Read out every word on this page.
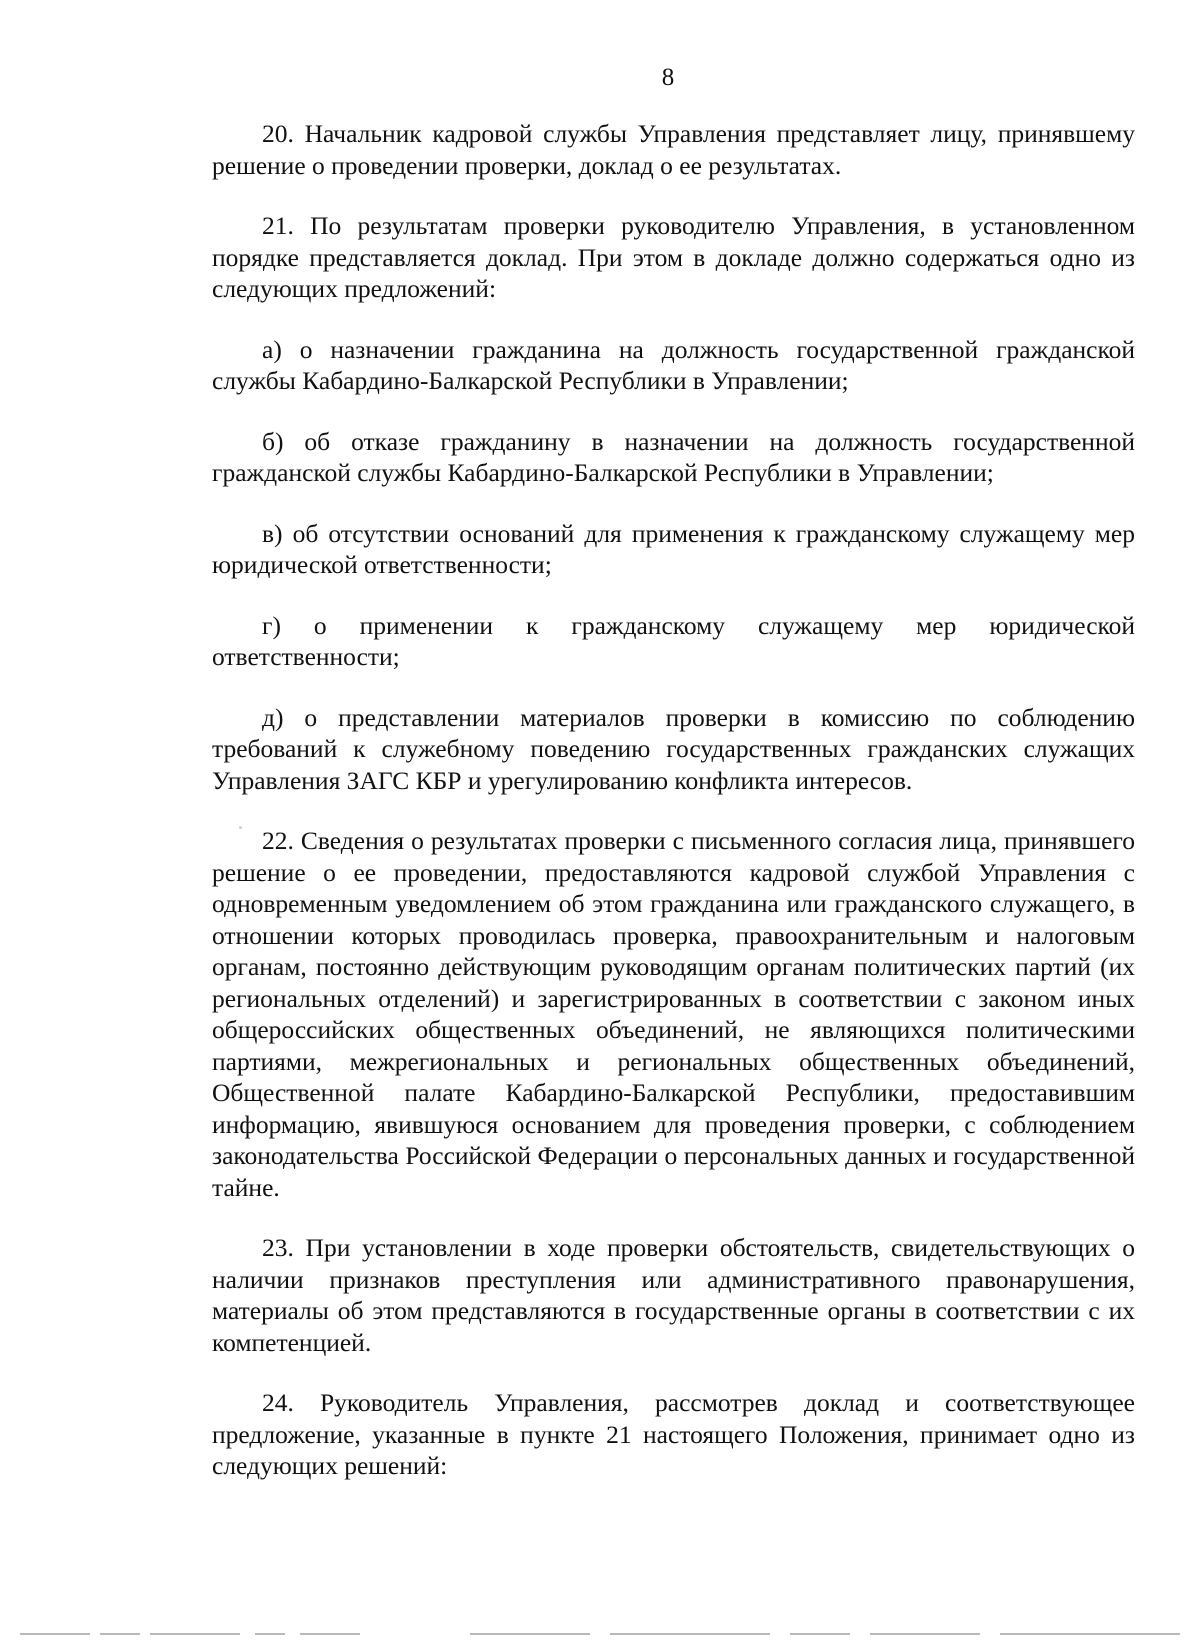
8

20. Начальник кадровой службы Управления представляет лицу, принявшему решение о проведении проверки, доклад о ее результатах.

21. По результатам проверки руководителю Управления, в установленном порядке представляется доклад. При этом в докладе должно содержаться одно из следующих предложений:

а) о назначении гражданина на должность государственной гражданской службы Кабардино-Балкарской Республики в Управлении;

б) об отказе гражданину в назначении на должность государственной гражданской службы Кабардино-Балкарской Республики в Управлении;

в) об отсутствии оснований для применения к гражданскому служащему мер юридической ответственности;

г) о применении к гражданскому служащему мер юридической ответственности;

д) о представлении материалов проверки в комиссию по соблюдению требований к служебному поведению государственных гражданских служащих Управления ЗАГС КБР и урегулированию конфликта интересов.

22. Сведения о результатах проверки с письменного согласия лица, принявшего решение о ее проведении, предоставляются кадровой службой Управления с одновременным уведомлением об этом гражданина или гражданского служащего, в отношении которых проводилась проверка, правоохранительным и налоговым органам, постоянно действующим руководящим органам политических партий (их региональных отделений) и зарегистрированных в соответствии с законом иных общероссийских общественных объединений, не являющихся политическими партиями, межрегиональных и региональных общественных объединений, Общественной палате Кабардино-Балкарской Республики, предоставившим информацию, явившуюся основанием для проведения проверки, с соблюдением законодательства Российской Федерации о персональных данных и государственной тайне.

23. При установлении в ходе проверки обстоятельств, свидетельствующих о наличии признаков преступления или административного правонарушения, материалы об этом представляются в государственные органы в соответствии с их компетенцией.

24. Руководитель Управления, рассмотрев доклад и соответствующее предложение, указанные в пункте 21 настоящего Положения, принимает одно из следующих решений:
